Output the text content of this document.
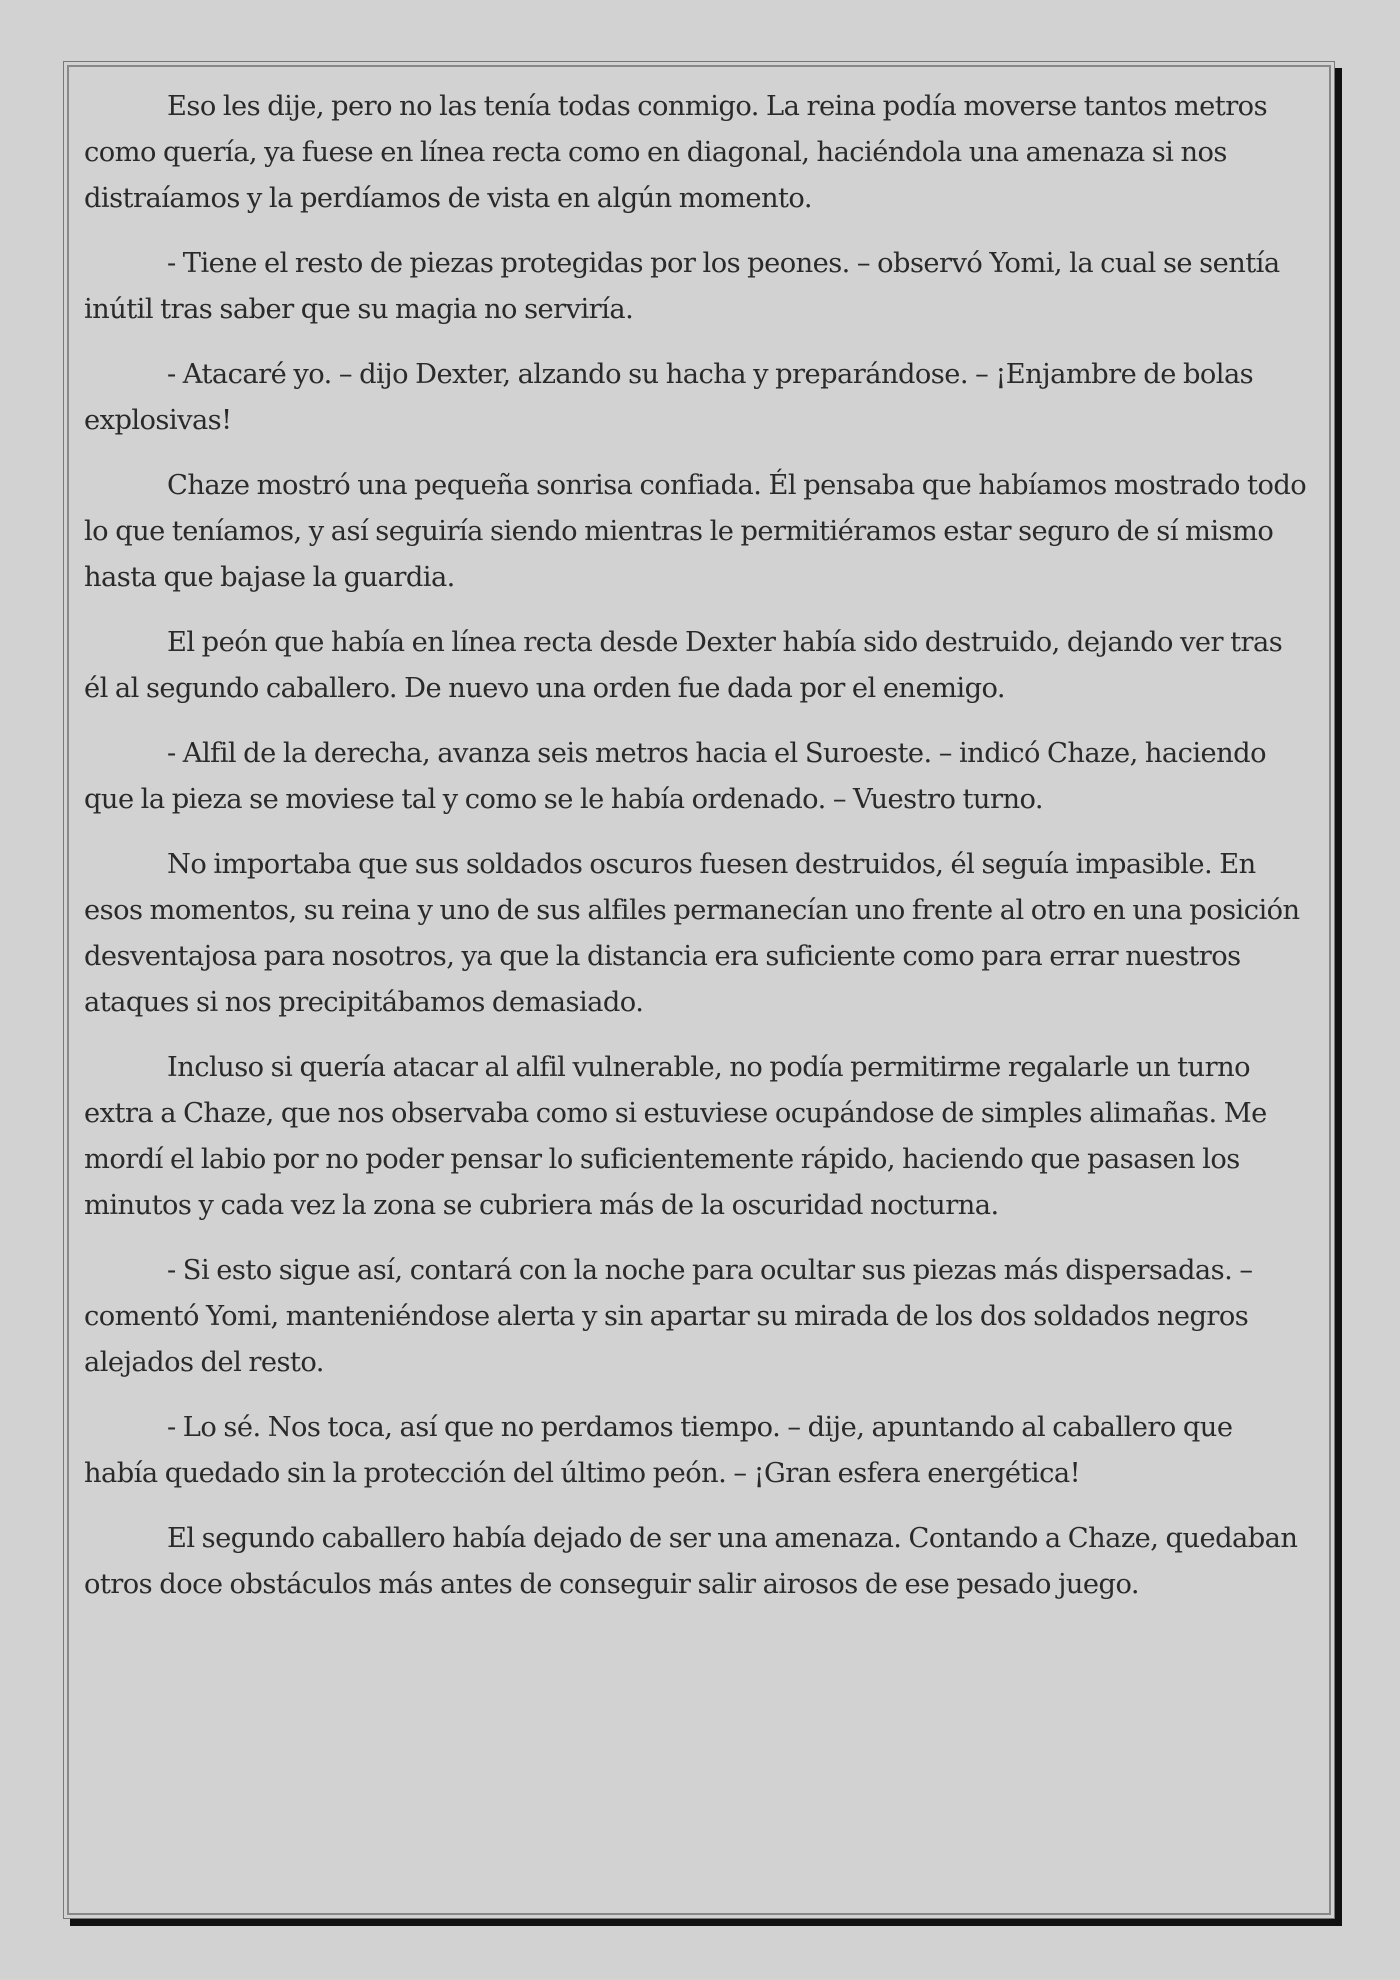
Eso les dije, pero no las tenía todas conmigo. La reina podía moverse tantos metros como quería, ya fuese en línea recta como en diagonal, haciéndola una amenaza si nos distraíamos y la perdíamos de vista en algún momento.

- Tiene el resto de piezas protegidas por los peones. – observó Yomi, la cual se sentía inútil tras saber que su magia no serviría.

- Atacaré yo. – dijo Dexter, alzando su hacha y preparándose. – ¡Enjambre de bolas explosivas!

Chaze mostró una pequeña sonrisa confiada. Él pensaba que habíamos mostrado todo lo que teníamos, y así seguiría siendo mientras le permitiéramos estar seguro de sí mismo hasta que bajase la guardia.

El peón que había en línea recta desde Dexter había sido destruido, dejando ver tras él al segundo caballero. De nuevo una orden fue dada por el enemigo.

- Alfil de la derecha, avanza seis metros hacia el Suroeste. – indicó Chaze, haciendo que la pieza se moviese tal y como se le había ordenado. – Vuestro turno.

No importaba que sus soldados oscuros fuesen destruidos, él seguía impasible. En esos momentos, su reina y uno de sus alfiles permanecían uno frente al otro en una posición desventajosa para nosotros, ya que la distancia era suficiente como para errar nuestros ataques si nos precipitábamos demasiado.

Incluso si quería atacar al alfil vulnerable, no podía permitirme regalarle un turno extra a Chaze, que nos observaba como si estuviese ocupándose de simples alimañas. Me mordí el labio por no poder pensar lo suficientemente rápido, haciendo que pasasen los minutos y cada vez la zona se cubriera más de la oscuridad nocturna.

- Si esto sigue así, contará con la noche para ocultar sus piezas más dispersadas. – comentó Yomi, manteniéndose alerta y sin apartar su mirada de los dos soldados negros alejados del resto.

- Lo sé. Nos toca, así que no perdamos tiempo. – dije, apuntando al caballero que había quedado sin la protección del último peón. – ¡Gran esfera energética!

El segundo caballero había dejado de ser una amenaza. Contando a Chaze, quedaban otros doce obstáculos más antes de conseguir salir airosos de ese pesado juego.
